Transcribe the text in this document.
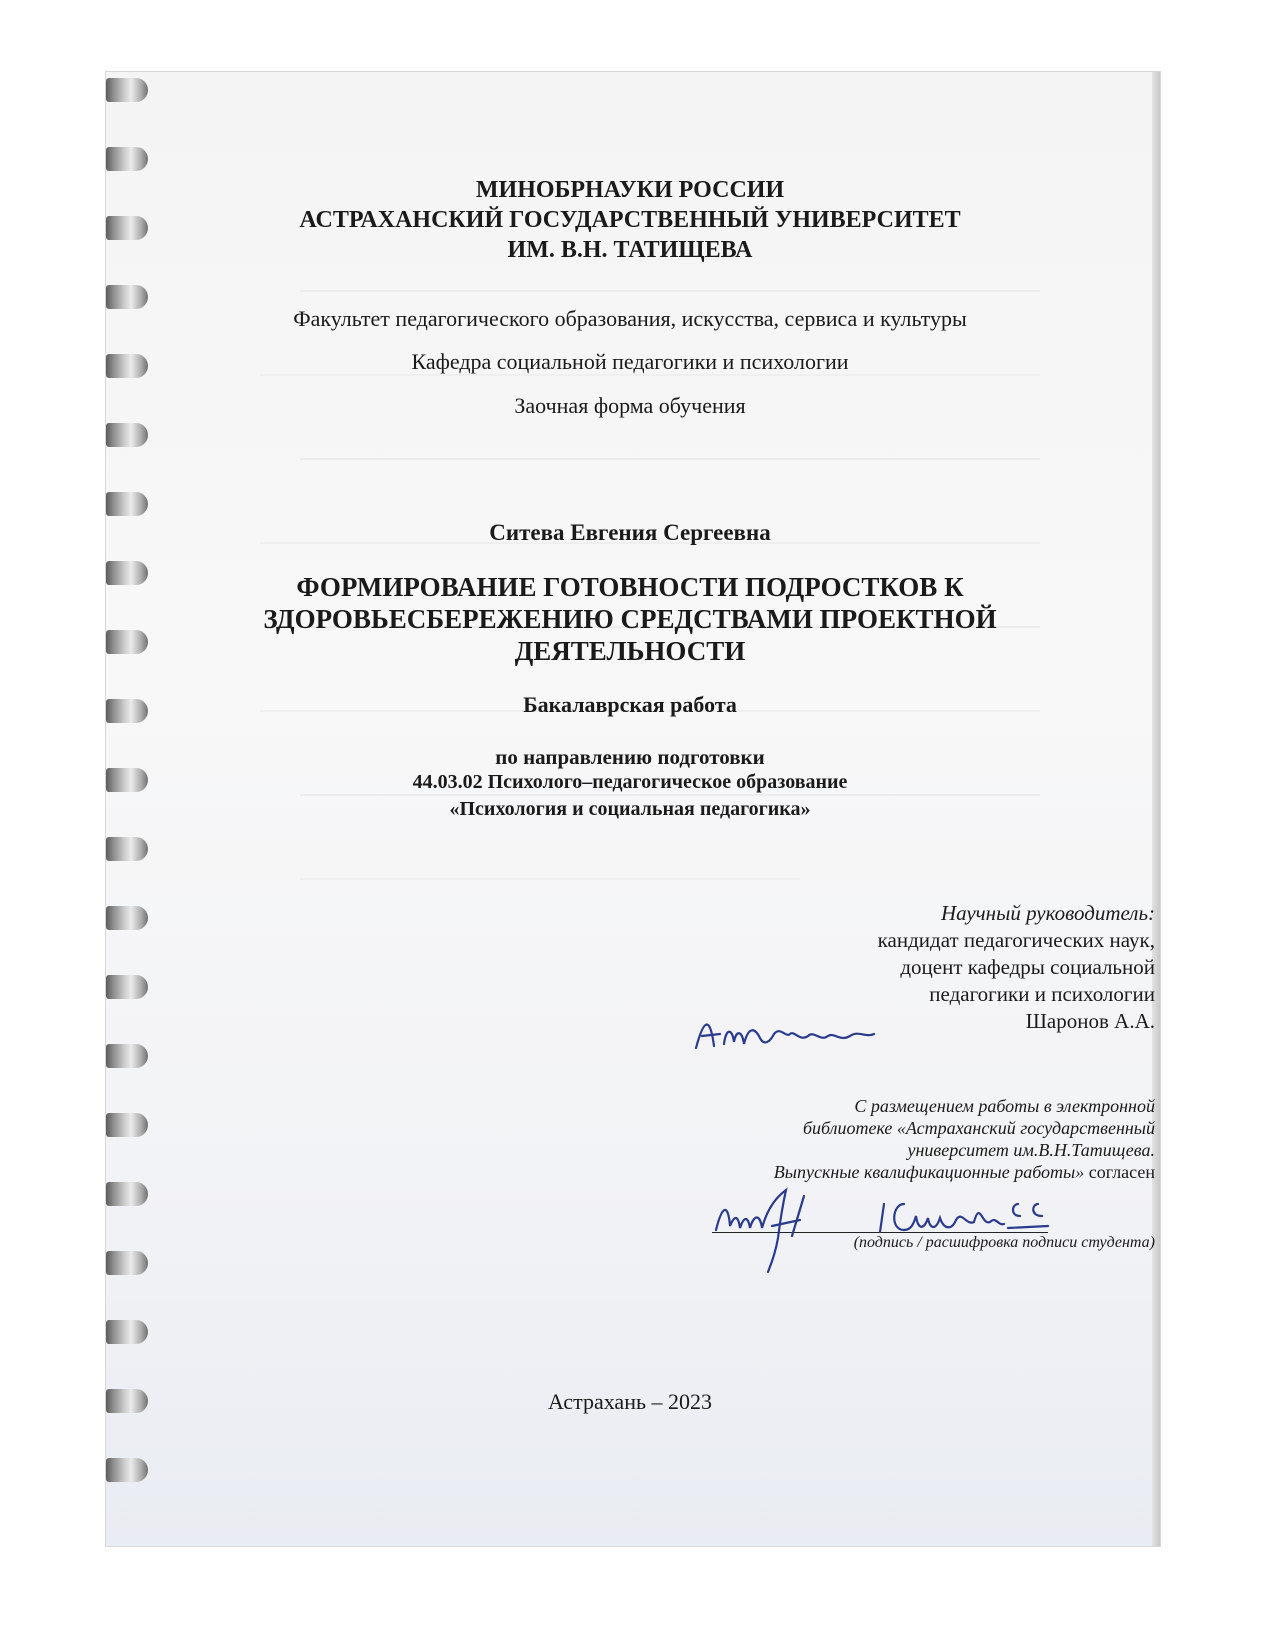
МИНОБРНАУКИ РОССИИ
АСТРАХАНСКИЙ ГОСУДАРСТВЕННЫЙ УНИВЕРСИТЕТ
ИМ. В.Н. ТАТИЩЕВА
Факультет педагогического образования, искусства, сервиса и культуры
Кафедра социальной педагогики и психологии
Заочная форма обучения
Ситева Евгения Сергеевна
ФОРМИРОВАНИЕ ГОТОВНОСТИ ПОДРОСТКОВ К
ЗДОРОВЬЕСБЕРЕЖЕНИЮ СРЕДСТВАМИ ПРОЕКТНОЙ
ДЕЯТЕЛЬНОСТИ
Бакалаврская работа
по направлению подготовки
44.03.02 Психолого–педагогическое образование
«Психология и социальная педагогика»
Научный руководитель:
кандидат педагогических наук,
доцент кафедры социальной
педагогики и психологии
Шаронов А.А.
С размещением работы в электронной
библиотеке «Астраханский государственный
университет им.В.Н.Татищева.
Выпускные квалификационные работы» согласен
(подпись / расшифровка подписи студента)
Астрахань – 2023
